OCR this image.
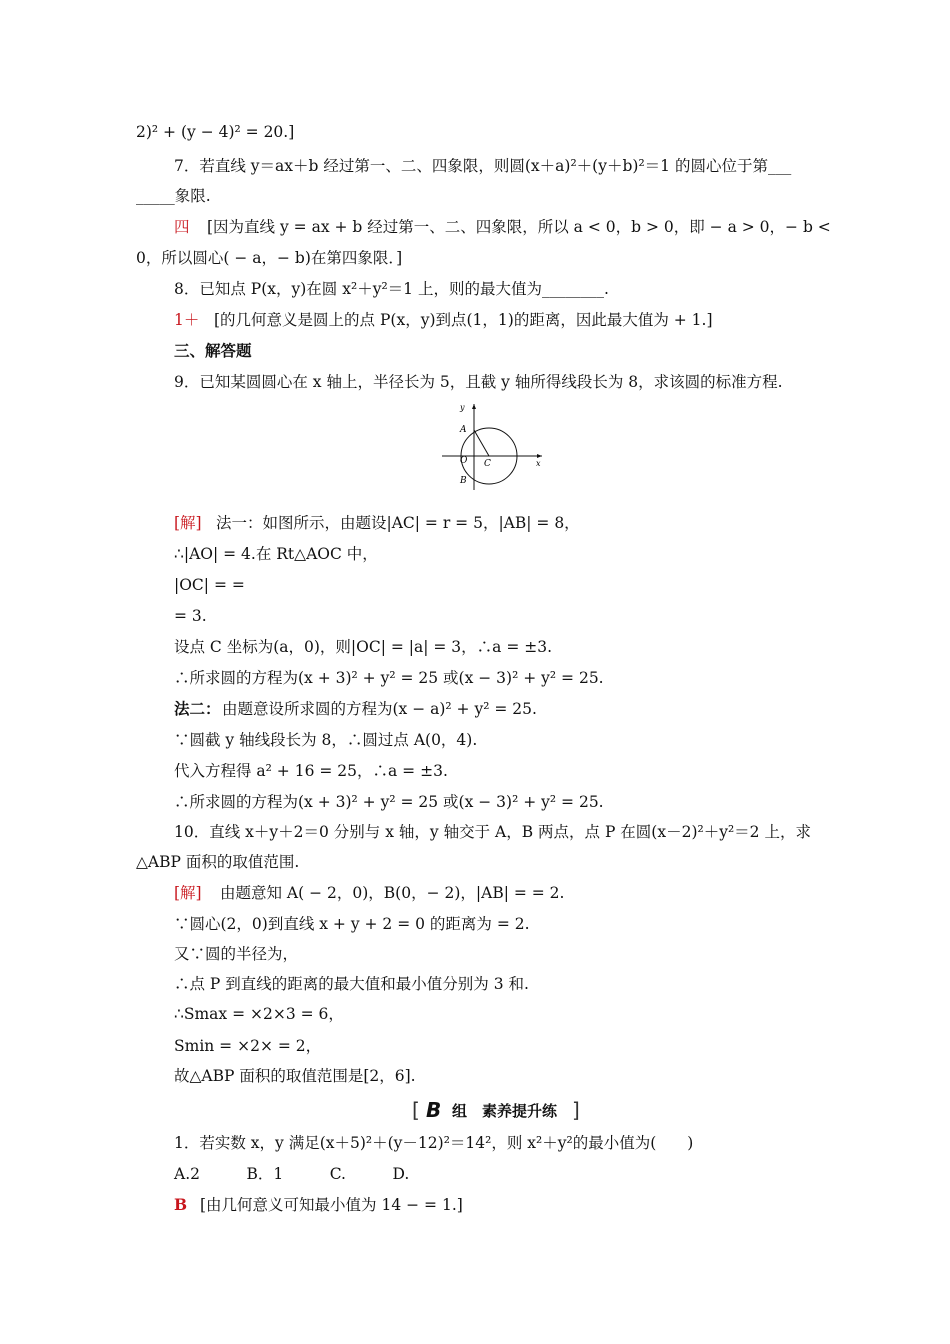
2)² + (y − 4)² = 20.]
7．若直线 y＝ax＋b 经过第一、二、四象限，则圆(x＋a)²＋(y＋b)²＝1 的圆心位于第___
_____象限.
四 [因为直线 y = ax + b 经过第一、二、四象限，所以 a < 0，b > 0，即 − a > 0，− b <
0，所以圆心( − a，− b)在第四象限．]
8．已知点 P(x，y)在圆 x²＋y²＝1 上，则的最大值为________.
1＋ [的几何意义是圆上的点 P(x，y)到点(1，1)的距离，因此最大值为 + 1.]
三、解答题
9．已知某圆圆心在 x 轴上，半径长为 5，且截 y 轴所得线段长为 8，求该圆的标准方程.
y
x
A
O C
B
[解] 法一：如图所示，由题设|AC| = r = 5，|AB| = 8，
∴|AO| = 4.在 Rt△AOC 中，
|OC| = =
= 3.
设点 C 坐标为(a，0)，则|OC| = |a| = 3，∴a = ±3.
∴所求圆的方程为(x + 3)² + y² = 25 或(x − 3)² + y² = 25.
法二： 由题意设所求圆的方程为(x − a)² + y² = 25.
∵圆截 y 轴线段长为 8，∴圆过点 A(0，4).
代入方程得 a² + 16 = 25，∴a = ±3.
∴所求圆的方程为(x + 3)² + y² = 25 或(x − 3)² + y² = 25.
10．直线 x＋y＋2＝0 分别与 x 轴，y 轴交于 A，B 两点，点 P 在圆(x－2)²＋y²＝2 上，求
△ABP 面积的取值范围.
[解] 由题意知 A( − 2，0)，B(0，− 2)，|AB| = = 2.
∵圆心(2，0)到直线 x + y + 2 = 0 的距离为 = 2.
又∵圆的半径为，
∴点 P 到直线的距离的最大值和最小值分别为 3 和.
∴Smax = ×2×3 = 6，
Smin = ×2× = 2，
故△ABP 面积的取值范围是[2，6].
[ B 组　素养提升练 ]
1．若实数 x，y 满足(x＋5)²＋(y－12)²＝14²，则 x²＋y²的最小值为(　　)
A.2　　　B．1　　　C.　　　D.
B [由几何意义可知最小值为 14 − = 1.]
